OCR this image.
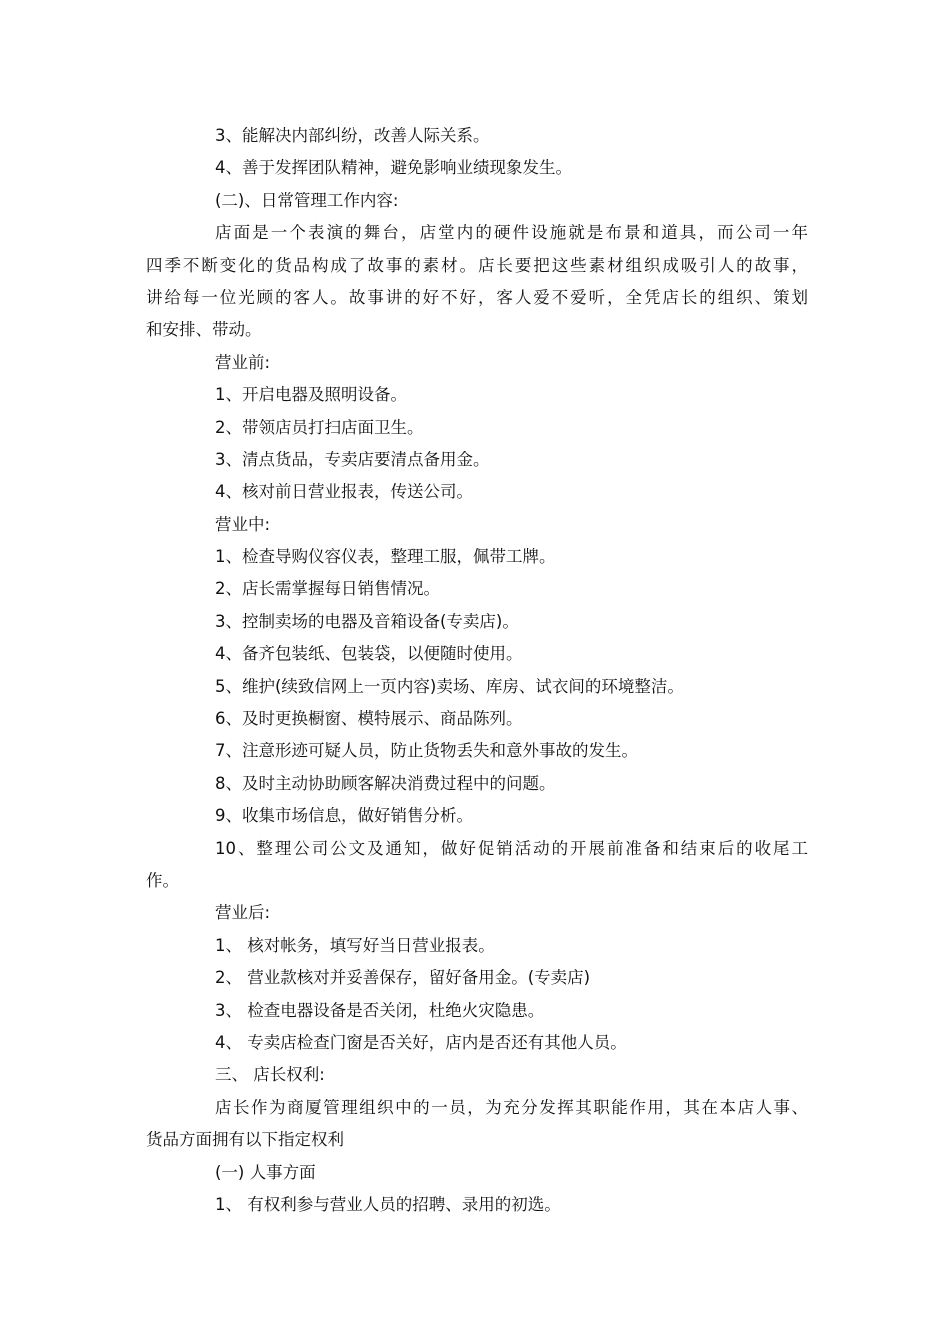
3、能解决内部纠纷，改善人际关系。
4、善于发挥团队精神，避免影响业绩现象发生。
(二)、日常管理工作内容:
店面是一个表演的舞台，店堂内的硬件设施就是布景和道具，而公司一年
四季不断变化的货品构成了故事的素材。店长要把这些素材组织成吸引人的故事，
讲给每一位光顾的客人。故事讲的好不好，客人爱不爱听，全凭店长的组织、策划
和安排、带动。
营业前:
1、开启电器及照明设备。
2、带领店员打扫店面卫生。
3、清点货品，专卖店要清点备用金。
4、核对前日营业报表，传送公司。
营业中:
1、检查导购仪容仪表，整理工服，佩带工牌。
2、店长需掌握每日销售情况。
3、控制卖场的电器及音箱设备(专卖店)。
4、备齐包装纸、包装袋，以便随时使用。
5、维护(续致信网上一页内容)卖场、库房、试衣间的环境整洁。
6、及时更换橱窗、模特展示、商品陈列。
7、注意形迹可疑人员，防止货物丢失和意外事故的发生。
8、及时主动协助顾客解决消费过程中的问题。
9、收集市场信息，做好销售分析。
10、整理公司公文及通知，做好促销活动的开展前准备和结束后的收尾工
作。
营业后:
1、 核对帐务，填写好当日营业报表。
2、 营业款核对并妥善保存，留好备用金。(专卖店)
3、 检查电器设备是否关闭，杜绝火灾隐患。
4、 专卖店检查门窗是否关好，店内是否还有其他人员。
三、 店长权利:
店长作为商厦管理组织中的一员，为充分发挥其职能作用，其在本店人事、
货品方面拥有以下指定权利
(一) 人事方面
1、 有权利参与营业人员的招聘、录用的初选。
